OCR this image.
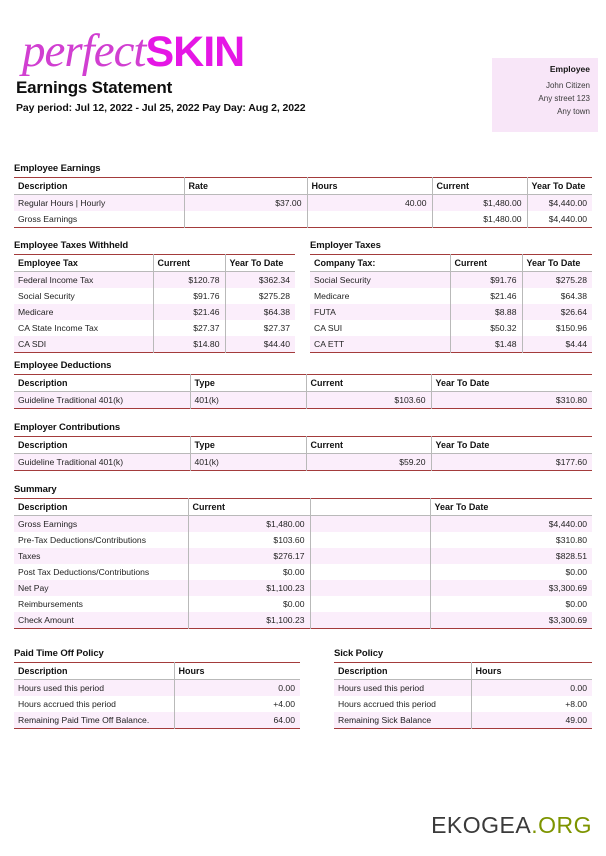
perfectSKIN
Earnings Statement
Pay period: Jul 12, 2022 - Jul 25, 2022 Pay Day: Aug 2, 2022
Employee
John Citizen
Any street 123
Any town
Employee Earnings
Description	Rate	Hours	Current	Year To Date
Regular Hours | Hourly	$37.00	40.00	$1,480.00	$4,440.00
Gross Earnings			$1,480.00	$4,440.00
Employee Taxes Withheld
Employee Tax	Current	Year To Date
Federal Income Tax	$120.78	$362.34
Social Security	$91.76	$275.28
Medicare	$21.46	$64.38
CA State Income Tax	$27.37	$27.37
CA SDI	$14.80	$44.40
Employer Taxes
Company Tax:	Current	Year To Date
Social Security	$91.76	$275.28
Medicare	$21.46	$64.38
FUTA	$8.88	$26.64
CA SUI	$50.32	$150.96
CA ETT	$1.48	$4.44
Employee Deductions
Description	Type	Current	Year To Date
Guideline Traditional 401(k)	401(k)	$103.60	$310.80
Employer Contributions
Description	Type	Current	Year To Date
Guideline Traditional 401(k)	401(k)	$59.20	$177.60
Summary
Description	Current		Year To Date
Gross Earnings	$1,480.00		$4,440.00
Pre-Tax Deductions/Contributions	$103.60		$310.80
Taxes	$276.17		$828.51
Post Tax Deductions/Contributions	$0.00		$0.00
Net Pay	$1,100.23		$3,300.69
Reimbursements	$0.00		$0.00
Check Amount	$1,100.23		$3,300.69
Paid Time Off Policy
Description	Hours
Hours used this period	0.00
Hours accrued this period	+4.00
Remaining Paid Time Off Balance.	64.00
Sick Policy
Description	Hours
Hours used this period	0.00
Hours accrued this period	+8.00
Remaining Sick Balance	49.00
EKOGEA.ORG
